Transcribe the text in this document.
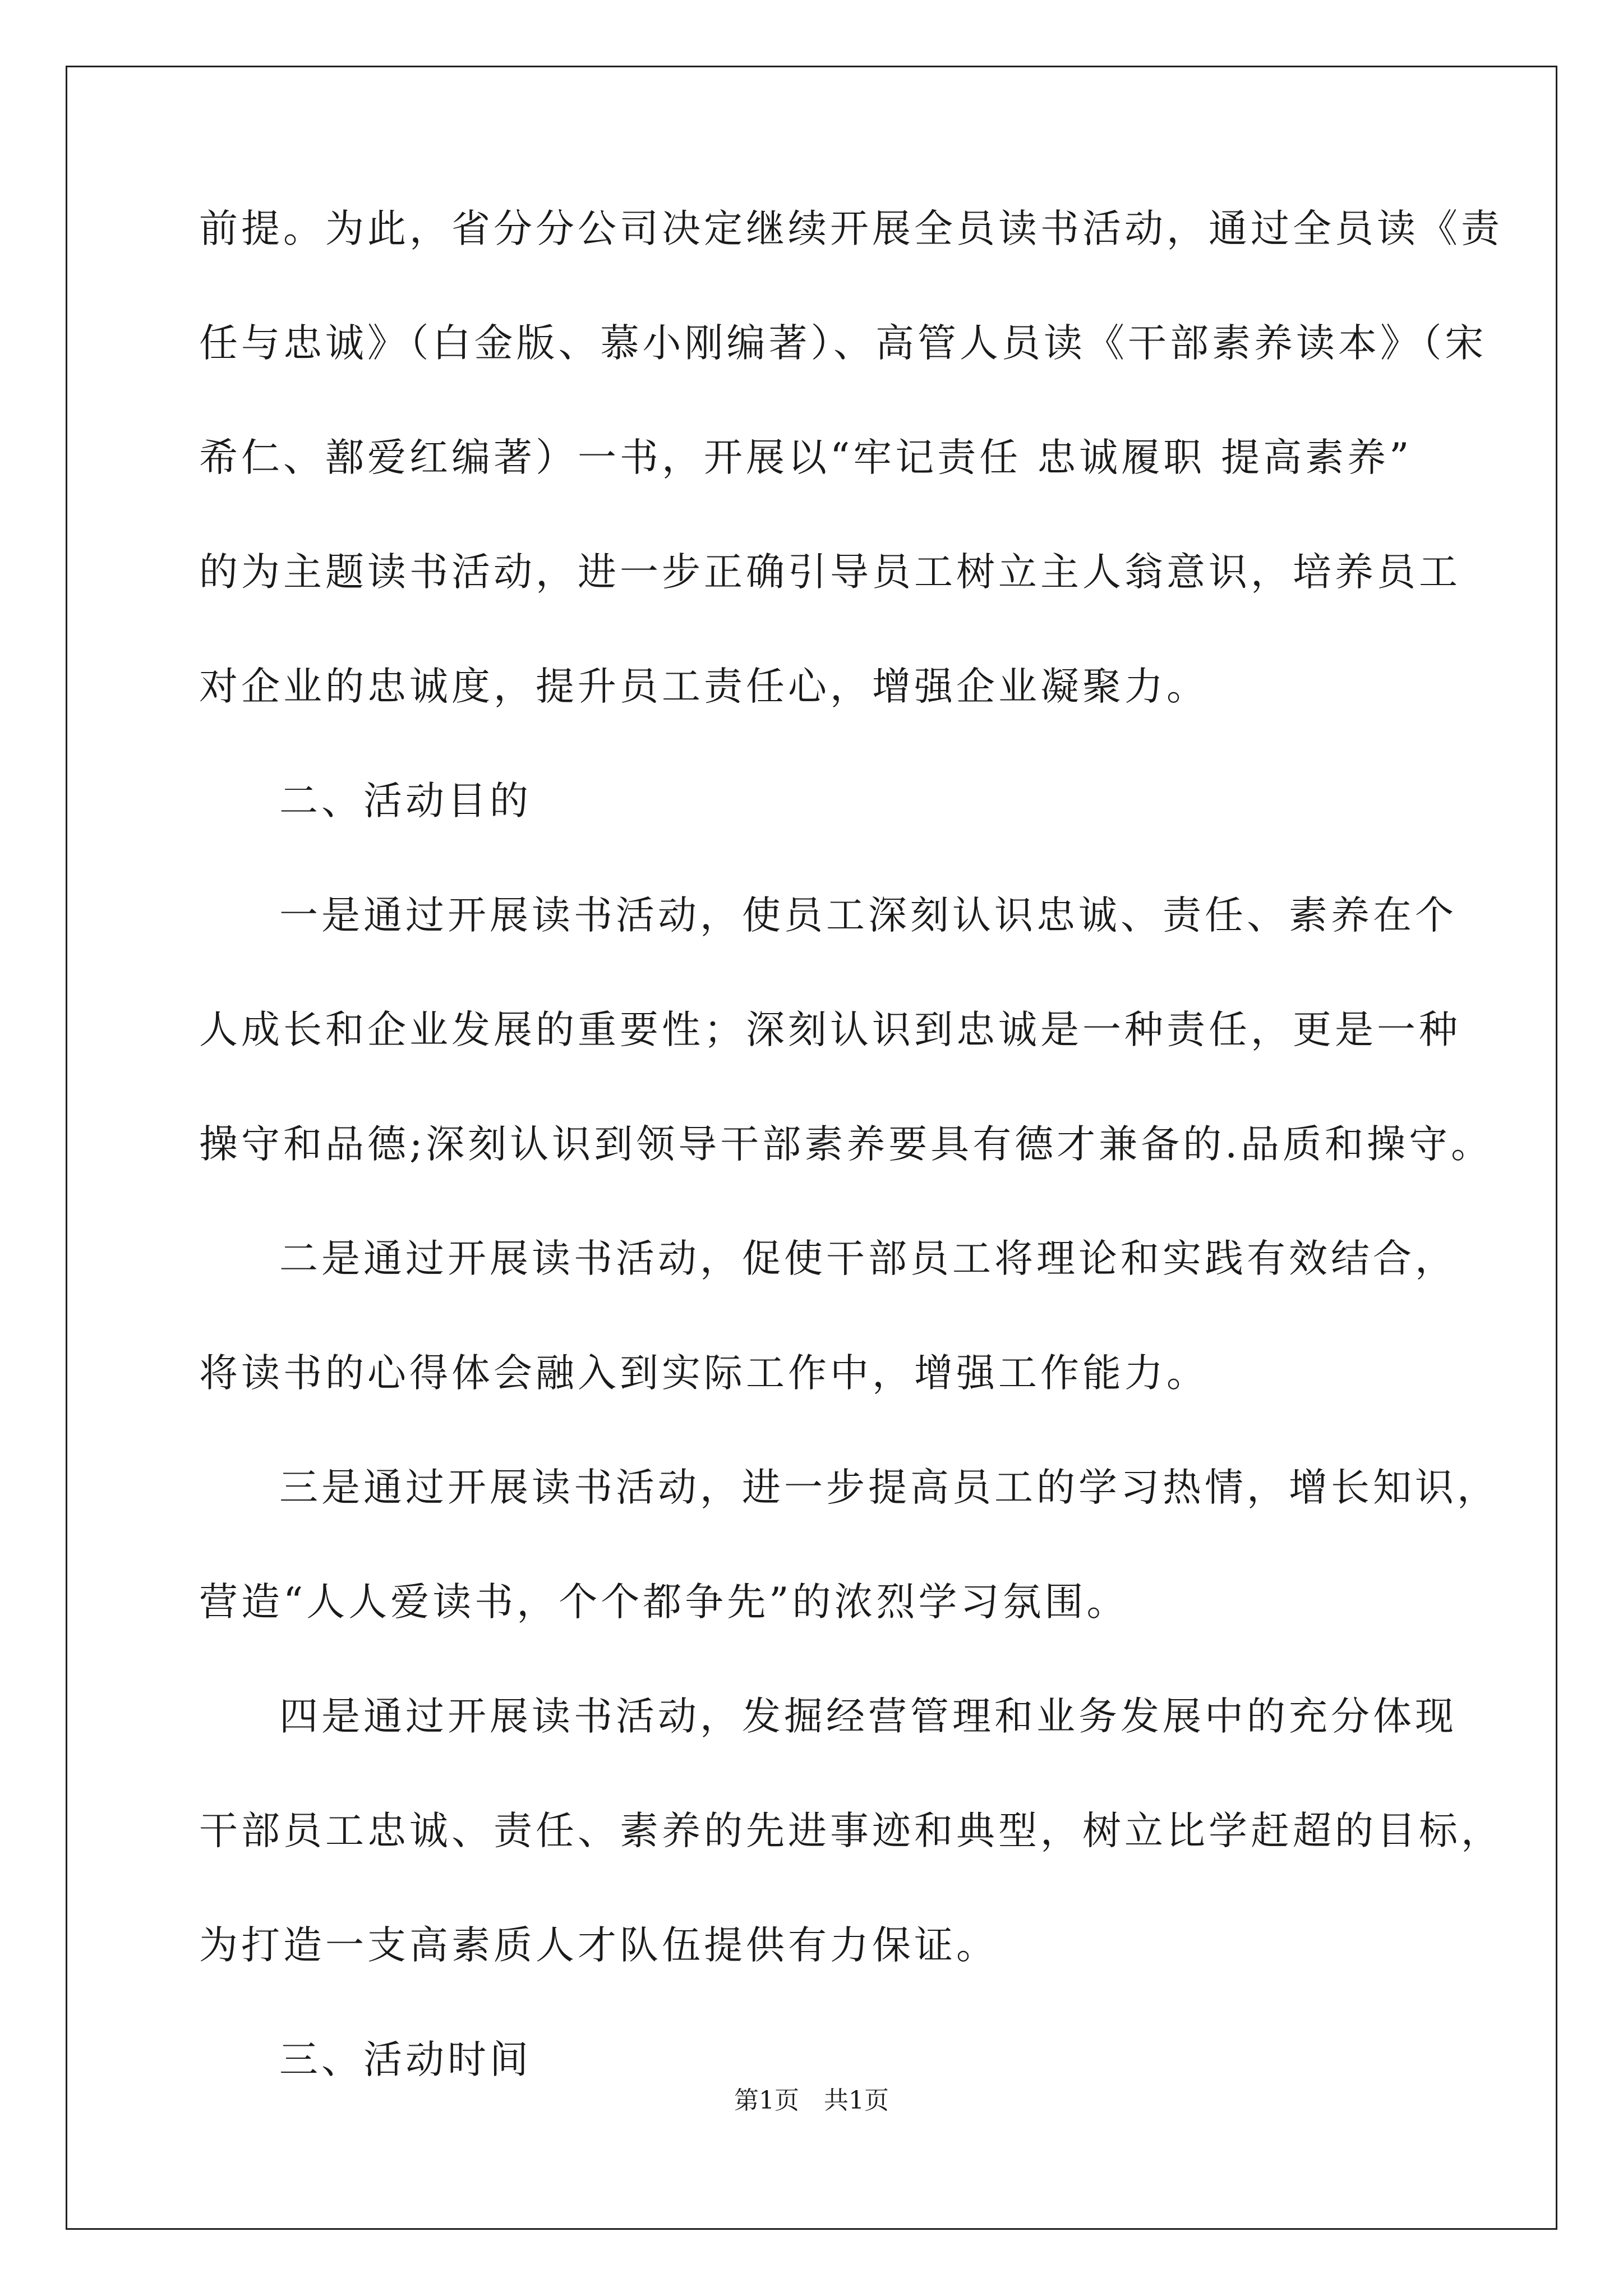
前提。为此，省分分公司决定继续开展全员读书活动，通过全员读《责
任与忠诚》（白金版、慕小刚编著）、高管人员读《干部素养读本》（宋
希仁、鄯爱红编著）一书，开展以“牢记责任 忠诚履职 提高素养”
的为主题读书活动，进一步正确引导员工树立主人翁意识，培养员工
对企业的忠诚度，提升员工责任心，增强企业凝聚力。
二、活动目的
一是通过开展读书活动，使员工深刻认识忠诚、责任、素养在个
人成长和企业发展的重要性；深刻认识到忠诚是一种责任，更是一种
操守和品德;深刻认识到领导干部素养要具有德才兼备的.品质和操守。
二是通过开展读书活动，促使干部员工将理论和实践有效结合，
将读书的心得体会融入到实际工作中，增强工作能力。
三是通过开展读书活动，进一步提高员工的学习热情，增长知识，
营造“人人爱读书，个个都争先”的浓烈学习氛围。
四是通过开展读书活动，发掘经营管理和业务发展中的充分体现
干部员工忠诚、责任、素养的先进事迹和典型，树立比学赶超的目标，
为打造一支高素质人才队伍提供有力保证。
三、活动时间
第1页　共1页
